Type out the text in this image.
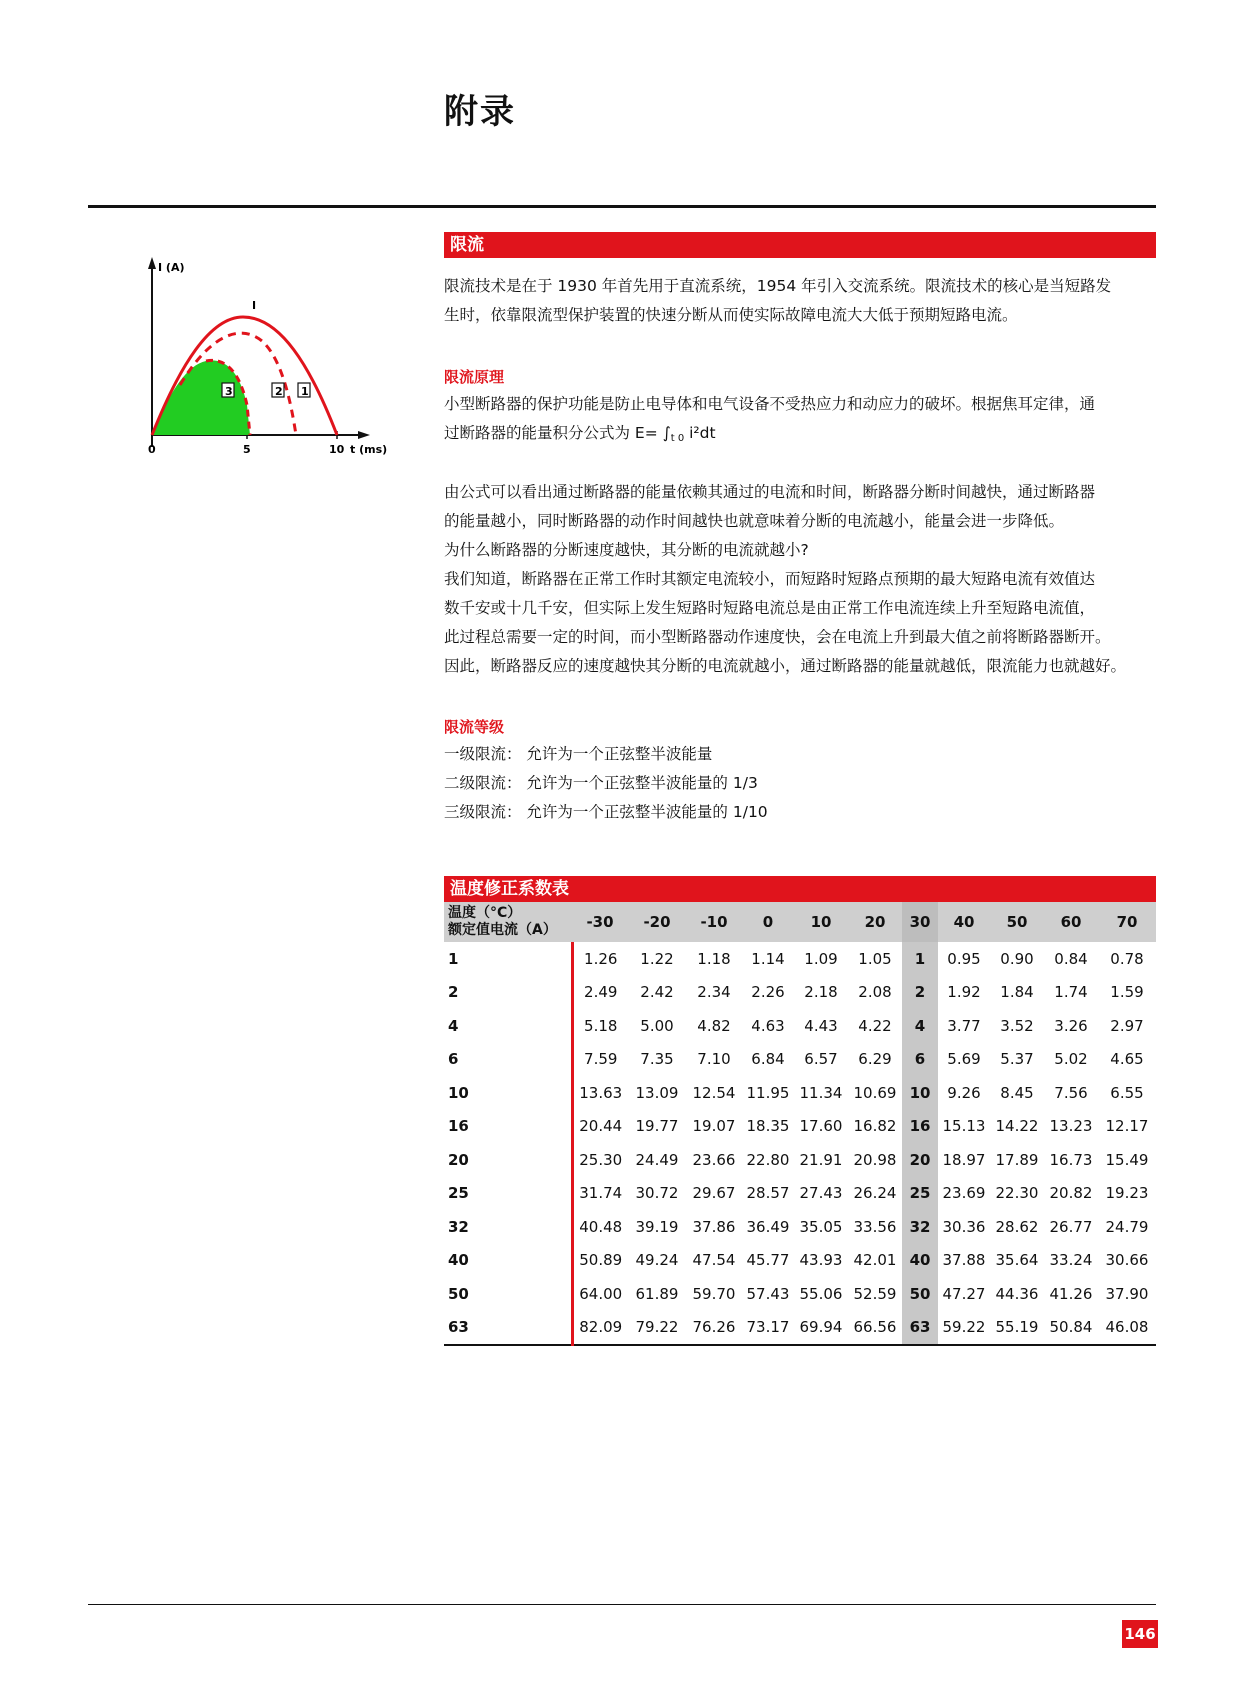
附录
3	2 1
I (A)
I
0	5	10 t (ms)
限流

限流技术是在于 1930 年首先用于直流系统，1954 年引入交流系统。限流技术的核心是当短路发

生时，依靠限流型保护装置的快速分断从而使实际故障电流大大低于预期短路电流。

限流原理

小型断路器的保护功能是防止电导体和电气设备不受热应力和动应力的破坏。根据焦耳定律，通

过断路器的能量积分公式为 E= ∫t 0 i²dt

由公式可以看出通过断路器的能量依赖其通过的电流和时间，断路器分断时间越快，通过断路器

的能量越小，同时断路器的动作时间越快也就意味着分断的电流越小，能量会进一步降低。

为什么断路器的分断速度越快，其分断的电流就越小?

我们知道，断路器在正常工作时其额定电流较小，而短路时短路点预期的最大短路电流有效值达

数千安或十几千安，但实际上发生短路时短路电流总是由正常工作电流连续上升至短路电流值，

此过程总需要一定的时间，而小型断路器动作速度快，会在电流上升到最大值之前将断路器断开。

因此，断路器反应的速度越快其分断的电流就越小，通过断路器的能量就越低，限流能力也就越好。

限流等级

一级限流： 允许为一个正弦整半波能量

二级限流： 允许为一个正弦整半波能量的 1/3

三级限流： 允许为一个正弦整半波能量的 1/10

温度修正系数表
温度（°C）
额定值电流（A）	-30	-20	-10	0	10	20	30	40	50	60	70
1	1.26	1.22	1.18	1.14	1.09	1.05	1	0.95	0.90	0.84	0.78
2	2.49	2.42	2.34	2.26	2.18	2.08	2	1.92	1.84	1.74	1.59
4	5.18	5.00	4.82	4.63	4.43	4.22	4	3.77	3.52	3.26	2.97
6	7.59	7.35	7.10	6.84	6.57	6.29	6	5.69	5.37	5.02	4.65
10	13.63	13.09	12.54	11.95	11.34	10.69	10	9.26	8.45	7.56	6.55
16	20.44	19.77	19.07	18.35	17.60	16.82	16	15.13	14.22	13.23	12.17
20	25.30	24.49	23.66	22.80	21.91	20.98	20	18.97	17.89	16.73	15.49
25	31.74	30.72	29.67	28.57	27.43	26.24	25	23.69	22.30	20.82	19.23
32	40.48	39.19	37.86	36.49	35.05	33.56	32	30.36	28.62	26.77	24.79
40	50.89	49.24	47.54	45.77	43.93	42.01	40	37.88	35.64	33.24	30.66
50	64.00	61.89	59.70	57.43	55.06	52.59	50	47.27	44.36	41.26	37.90
63	82.09	79.22	76.26	73.17	69.94	66.56	63	59.22	55.19	50.84	46.08
146
